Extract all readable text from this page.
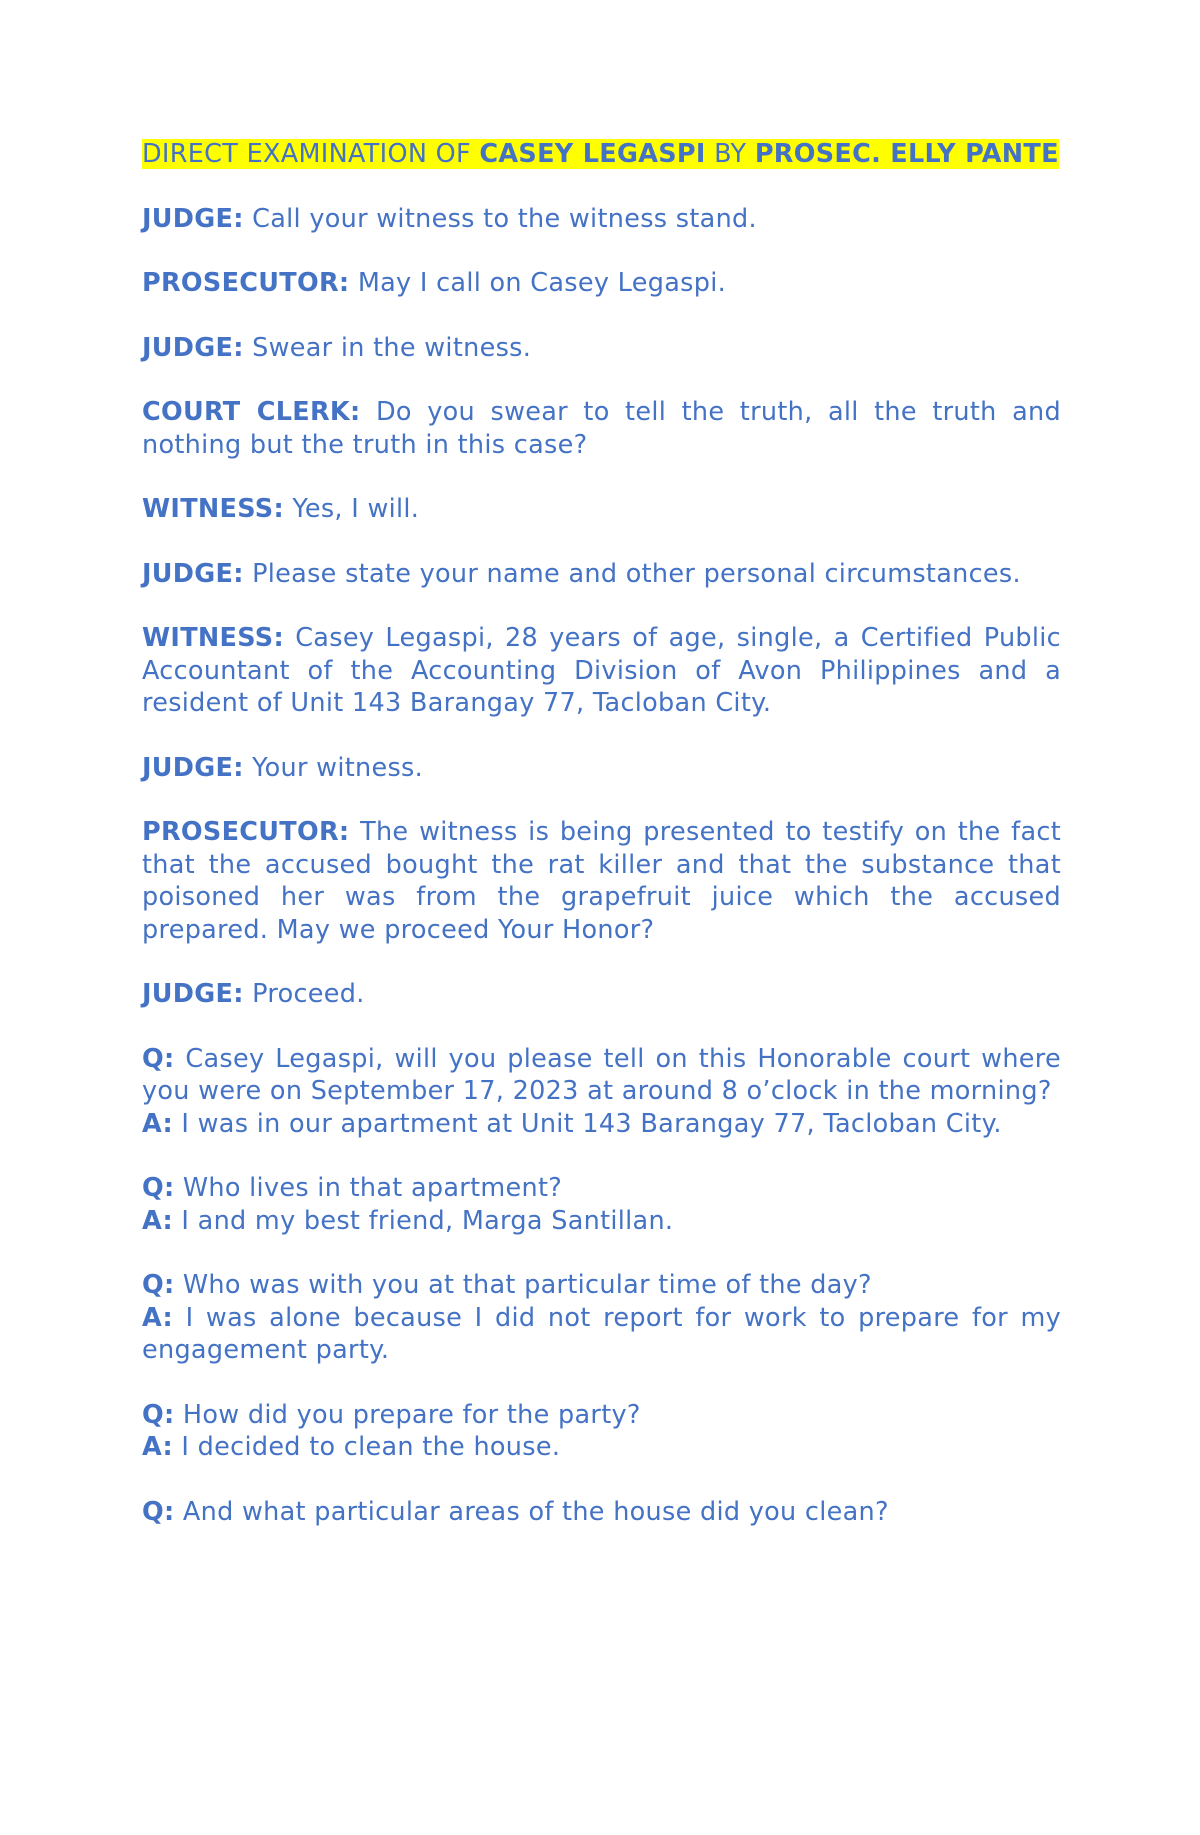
DIRECT EXAMINATION OF CASEY LEGASPI BY PROSEC. ELLY PANTE

JUDGE: Call your witness to the witness stand.

PROSECUTOR: May I call on Casey Legaspi.

JUDGE: Swear in the witness.

COURT CLERK: Do you swear to tell the truth, all the truth and nothing but the truth in this case?

WITNESS: Yes, I will.

JUDGE: Please state your name and other personal circumstances.

WITNESS: Casey Legaspi, 28 years of age, single, a Certified Public Accountant of the Accounting Division of Avon Philippines and a resident of Unit 143 Barangay 77, Tacloban City.

JUDGE: Your witness.

PROSECUTOR: The witness is being presented to testify on the fact that the accused bought the rat killer and that the substance that poisoned her was from the grapefruit juice which the accused prepared. May we proceed Your Honor?

JUDGE: Proceed.

Q: Casey Legaspi, will you please tell on this Honorable court where you were on September 17, 2023 at around 8 o’clock in the morning?

A: I was in our apartment at Unit 143 Barangay 77, Tacloban City.

Q: Who lives in that apartment?

A: I and my best friend, Marga Santillan.

Q: Who was with you at that particular time of the day?

A: I was alone because I did not report for work to prepare for my engagement party.

Q: How did you prepare for the party?

A: I decided to clean the house.

Q: And what particular areas of the house did you clean?
